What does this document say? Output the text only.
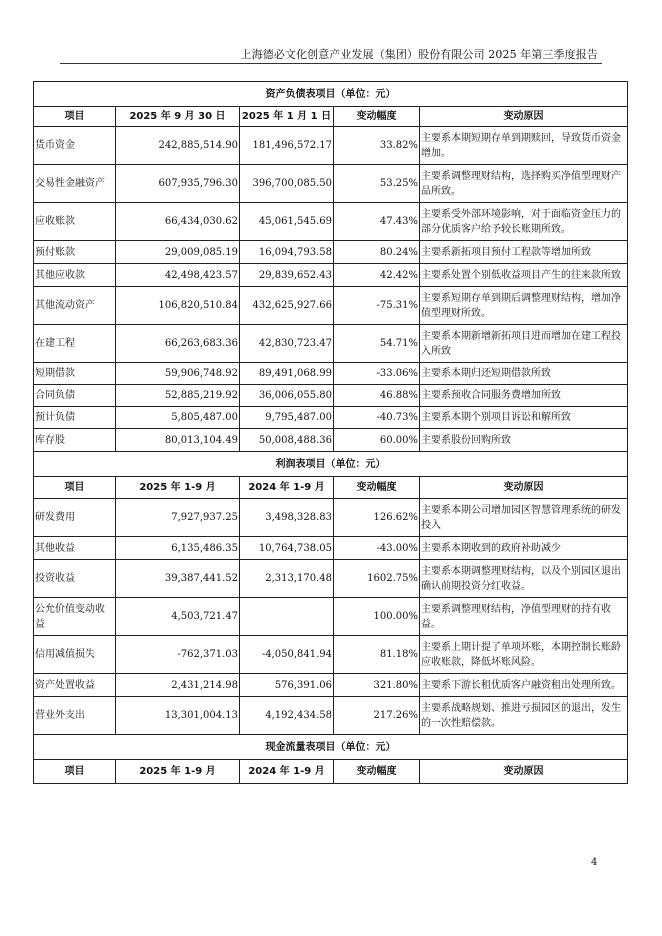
上海德必文化创意产业发展（集团）股份有限公司 2025 年第三季度报告
资产负债表项目（单位：元）				
项目	2025 年 9 月 30 日	2025 年 1 月 1 日	变动幅度	变动原因
货币资金	242,885,514.90	181,496,572.17	33.82%	主要系本期短期存单到期赎回，导致货币资金增加。
交易性金融资产	607,935,796.30	396,700,085.50	53.25%	主要系调整理财结构，选择购买净值型理财产品所致。
应收账款	66,434,030.62	45,061,545.69	47.43%	主要系受外部环境影响，对于面临资金压力的部分优质客户给予较长账期所致。
预付账款	29,009,085.19	16,094,793.58	80.24%	主要系新拓项目预付工程款等增加所致
其他应收款	42,498,423.57	29,839,652.43	42.42%	主要系处置个别低收益项目产生的往来款所致
其他流动资产	106,820,510.84	432,625,927.66	-75.31%	主要系短期存单到期后调整理财结构，增加净值型理财所致。
在建工程	66,263,683.36	42,830,723.47	54.71%	主要系本期新增新拓项目进而增加在建工程投入所致
短期借款	59,906,748.92	89,491,068.99	-33.06%	主要系本期归还短期借款所致
合同负债	52,885,219.92	36,006,055.80	46.88%	主要系预收合同服务费增加所致
预计负债	5,805,487.00	9,795,487.00	-40.73%	主要系本期个别项目诉讼和解所致
库存股	80,013,104.49	50,008,488.36	60.00%	主要系股份回购所致
利润表项目（单位：元）				
项目	2025 年 1-9 月	2024 年 1-9 月	变动幅度	变动原因
研发费用	7,927,937.25	3,498,328.83	126.62%	主要系本期公司增加园区智慧管理系统的研发投入
其他收益	6,135,486.35	10,764,738.05	-43.00%	主要系本期收到的政府补助减少
投资收益	39,387,441.52	2,313,170.48	1602.75%	主要系本期调整理财结构，以及个别园区退出确认前期投资分红收益。
公允价值变动收益	4,503,721.47		100.00%	主要系调整理财结构，净值型理财的持有收益。
信用减值损失	-762,371.03	-4,050,841.94	81.18%	主要系上期计提了单项坏账，本期控制长账龄应收账款，降低坏账风险。
资产处置收益	2,431,214.98	576,391.06	321.80%	主要系下游长租优质客户融资租出处理所致。
营业外支出	13,301,004.13	4,192,434.58	217.26%	主要系战略规划、推进亏损园区的退出，发生的一次性赔偿款。
现金流量表项目（单位：元）				
项目	2025 年 1-9 月	2024 年 1-9 月	变动幅度	变动原因
4
